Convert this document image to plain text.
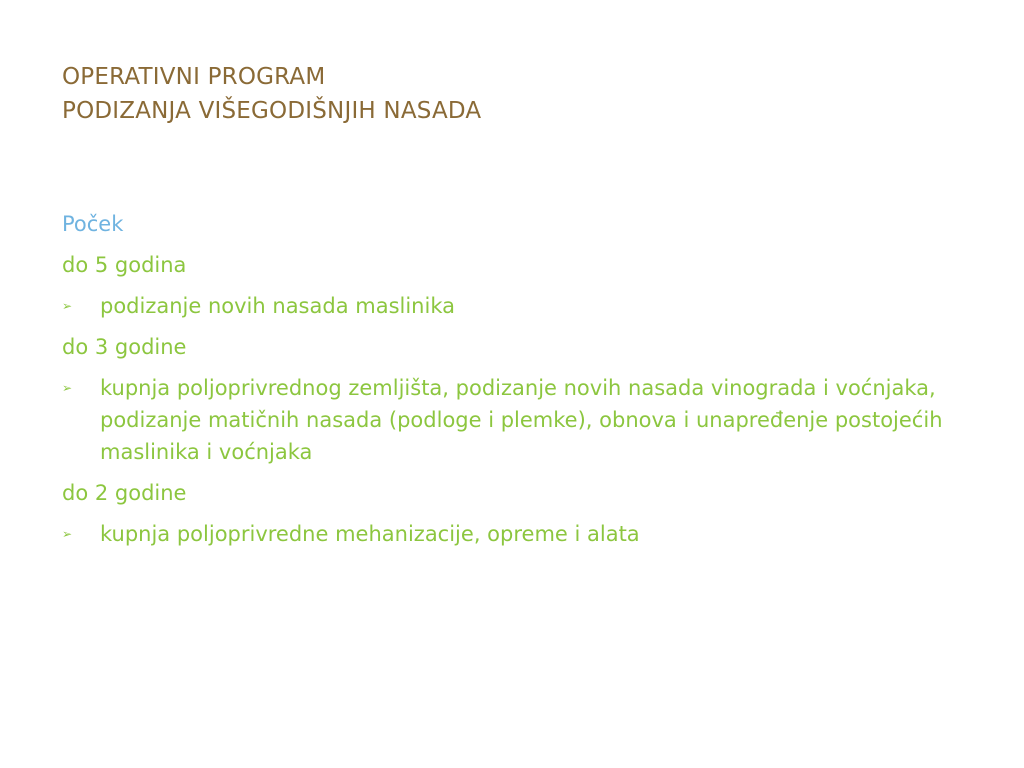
OPERATIVNI PROGRAM
PODIZANJA VIŠEGODIŠNJIH NASADA
Poček
do 5 godina
➢ podizanje novih nasada maslinika
do 3 godine
➢ kupnja poljoprivrednog zemljišta, podizanje novih nasada vinograda i voćnjaka, podizanje matičnih nasada (podloge i plemke), obnova i unapređenje postojećih maslinika i voćnjaka
do 2 godine
➢ kupnja poljoprivredne mehanizacije, opreme i alata
